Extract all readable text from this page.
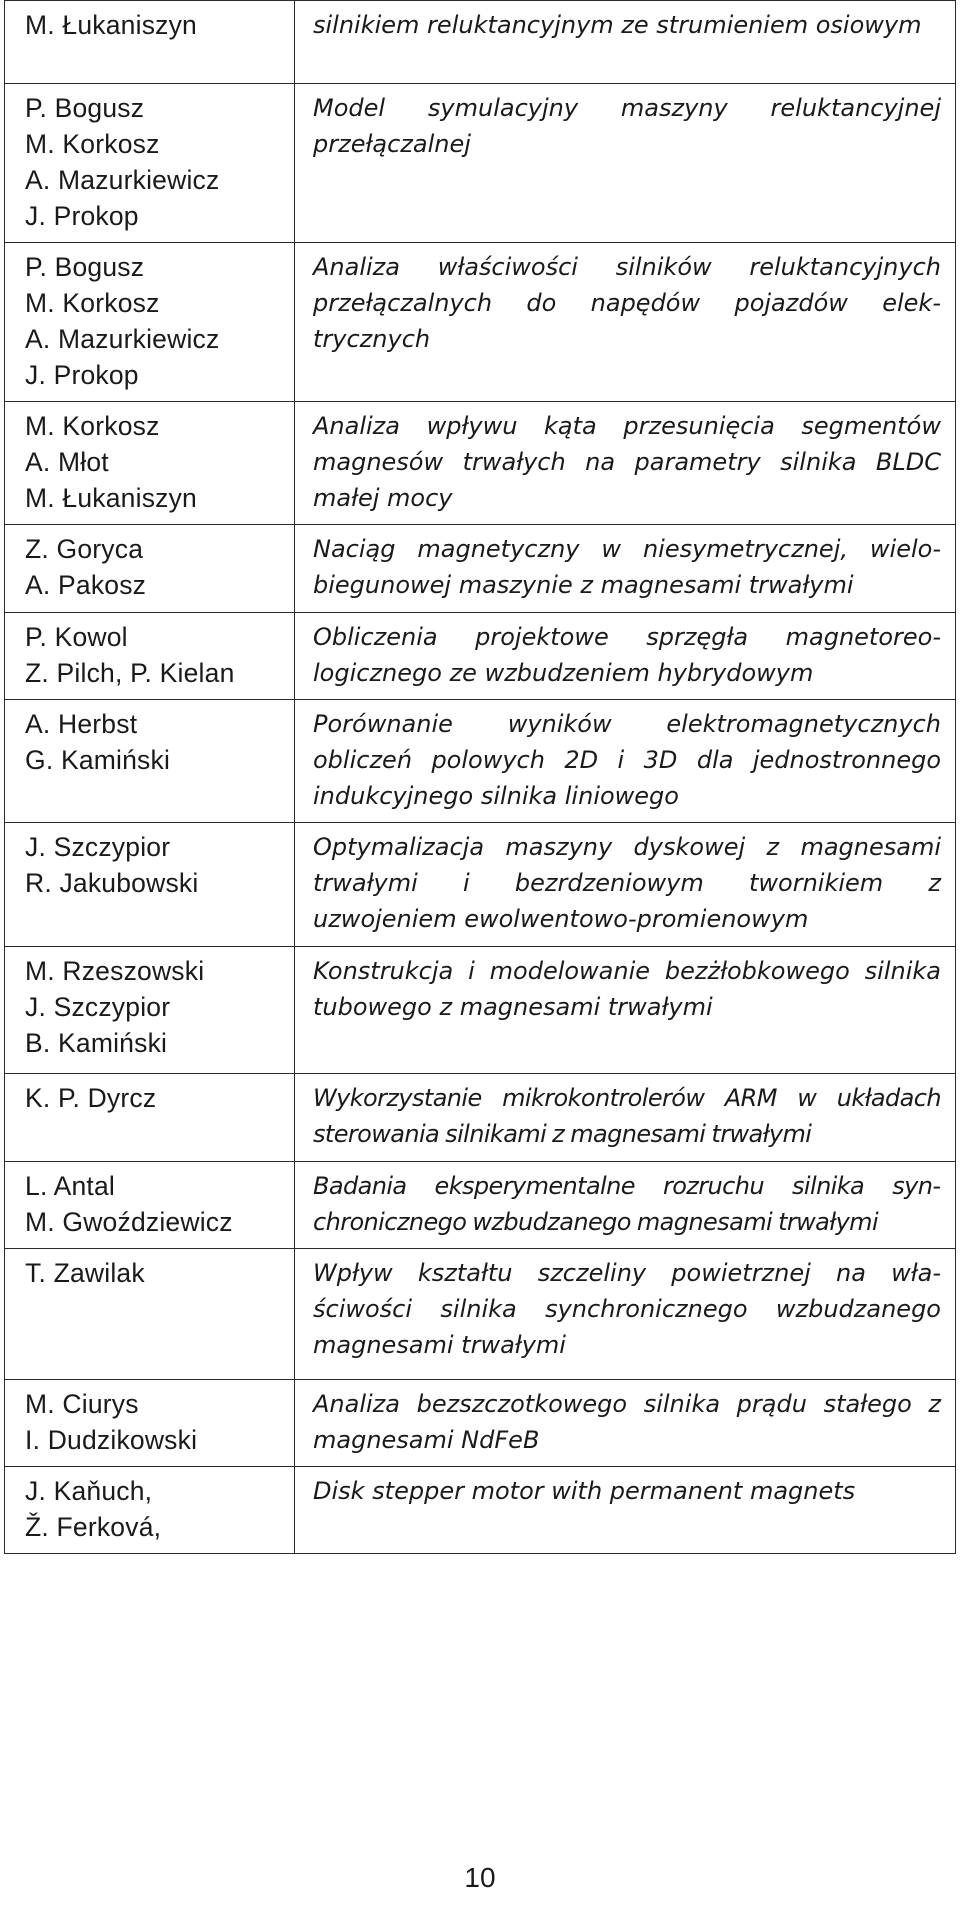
M. Łukaniszyn	silnikiem reluktancyjnym ze strumieniem osiowym

P. Bogusz
M. Korkosz
A. Mazurkiewicz
J. Prokop	Model symulacyjny maszyny reluktancyjnej przełączalnej

P. Bogusz
M. Korkosz
A. Mazurkiewicz
J. Prokop	Analiza właściwości silników reluktancyjnych przełączalnych do napędów pojazdów elektrycznych

M. Korkosz
A. Młot
M. Łukaniszyn	Analiza wpływu kąta przesunięcia segmentów magnesów trwałych na parametry silnika BLDC małej mocy

Z. Goryca
A. Pakosz	Naciąg magnetyczny w niesymetrycznej, wielobiegunowej maszynie z magnesami trwałymi

P. Kowol
Z. Pilch, P. Kielan	Obliczenia projektowe sprzęgła magnetoreologicznego ze wzbudzeniem hybrydowym

A. Herbst
G. Kamiński	Porównanie wyników elektromagnetycznych obliczeń polowych 2D i 3D dla jednostronnego indukcyjnego silnika liniowego

J. Szczypior
R. Jakubowski	Optymalizacja maszyny dyskowej z magnesami trwałymi i bezrdzeniowym twornikiem z uzwojeniem ewolwentowo-promienowym

M. Rzeszowski
J. Szczypior
B. Kamiński	Konstrukcja i modelowanie bezżłobkowego silnika tubowego z magnesami trwałymi

K. P. Dyrcz	Wykorzystanie mikrokontrolerów ARM w układach sterowania silnikami z magnesami trwałymi

L. Antal
M. Gwoździewicz	Badania eksperymentalne rozruchu silnika synchronicznego wzbudzanego magnesami trwałymi

T. Zawilak	Wpływ kształtu szczeliny powietrznej na właściwości silnika synchronicznego wzbudzanego magnesami trwałymi

M. Ciurys
I. Dudzikowski	Analiza bezszczotkowego silnika prądu stałego z magnesami NdFeB

J. Kaňuch,
Ž. Ferková,	Disk stepper motor with permanent magnets
10
